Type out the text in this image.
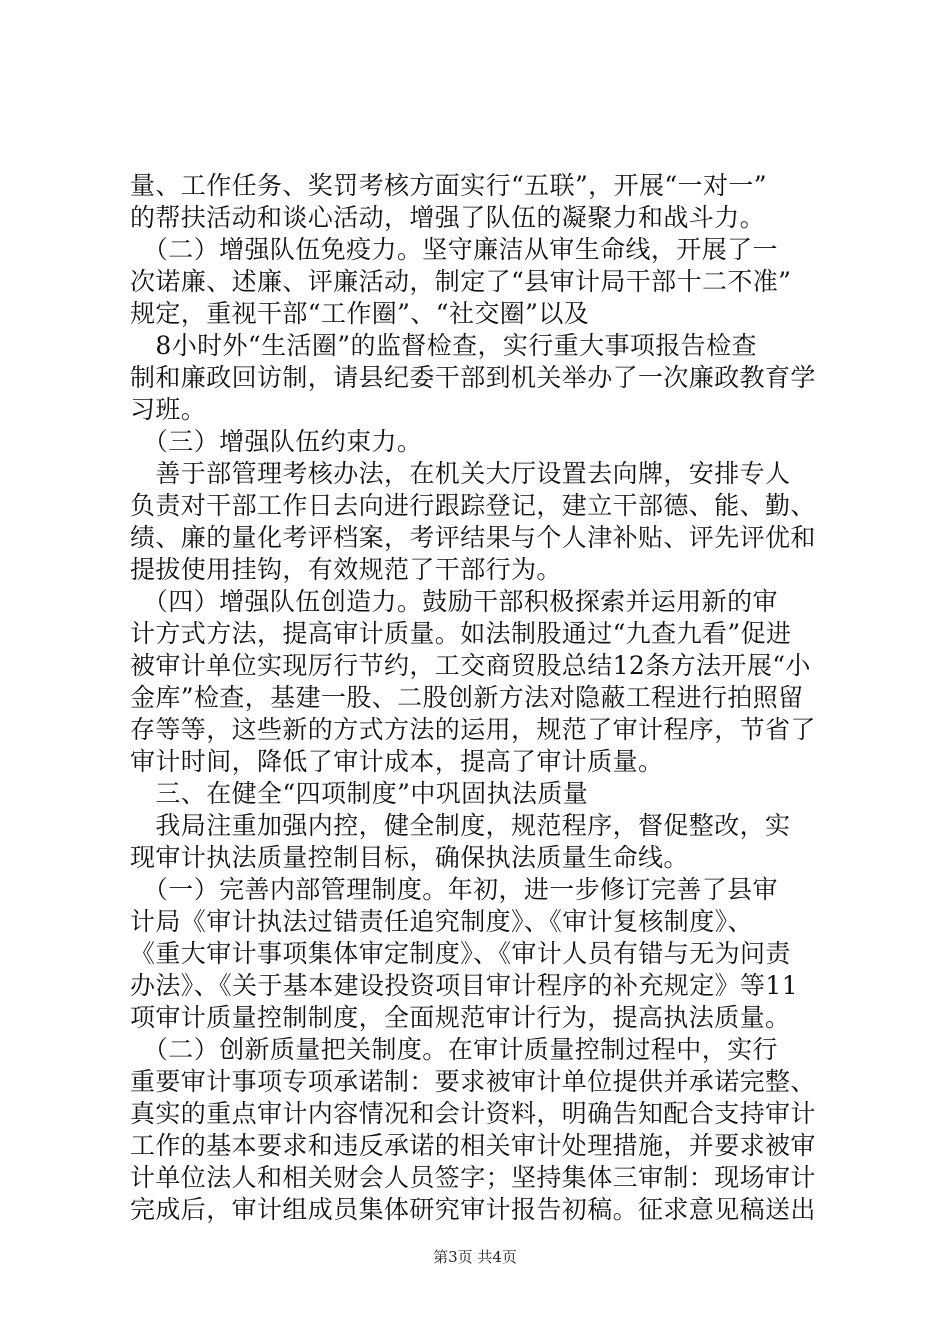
量、工作任务、奖罚考核方面实行“五联”，开展“一对一”
的帮扶活动和谈心活动，增强了队伍的凝聚力和战斗力。
　（二）增强队伍免疫力。坚守廉洁从审生命线，开展了一
次诺廉、述廉、评廉活动，制定了“县审计局干部十二不准”
规定，重视干部“工作圈”、“社交圈”以及
　8小时外“生活圈”的监督检查，实行重大事项报告检查
制和廉政回访制，请县纪委干部到机关举办了一次廉政教育学
习班。
　（三）增强队伍约束力。
　善于部管理考核办法，在机关大厅设置去向牌，安排专人
负责对干部工作日去向进行跟踪登记，建立干部德、能、勤、
绩、廉的量化考评档案，考评结果与个人津补贴、评先评优和
提拔使用挂钩，有效规范了干部行为。
　（四）增强队伍创造力。鼓励干部积极探索并运用新的审
计方式方法，提高审计质量。如法制股通过“九查九看”促进
被审计单位实现厉行节约，工交商贸股总结12条方法开展“小
金库”检查，基建一股、二股创新方法对隐蔽工程进行拍照留
存等等，这些新的方式方法的运用，规范了审计程序，节省了
审计时间，降低了审计成本，提高了审计质量。
　三、在健全“四项制度”中巩固执法质量
　我局注重加强内控，健全制度，规范程序，督促整改，实
现审计执法质量控制目标，确保执法质量生命线。
　（一）完善内部管理制度。年初，进一步修订完善了县审
计局《审计执法过错责任追究制度》、《审计复核制度》、
《重大审计事项集体审定制度》、《审计人员有错与无为问责
办法》、《关于基本建设投资项目审计程序的补充规定》等11
项审计质量控制制度，全面规范审计行为，提高执法质量。
　（二）创新质量把关制度。在审计质量控制过程中，实行
重要审计事项专项承诺制：要求被审计单位提供并承诺完整、
真实的重点审计内容情况和会计资料，明确告知配合支持审计
工作的基本要求和违反承诺的相关审计处理措施，并要求被审
计单位法人和相关财会人员签字；坚持集体三审制：现场审计
完成后，审计组成员集体研究审计报告初稿。征求意见稿送出
第3页 共4页
